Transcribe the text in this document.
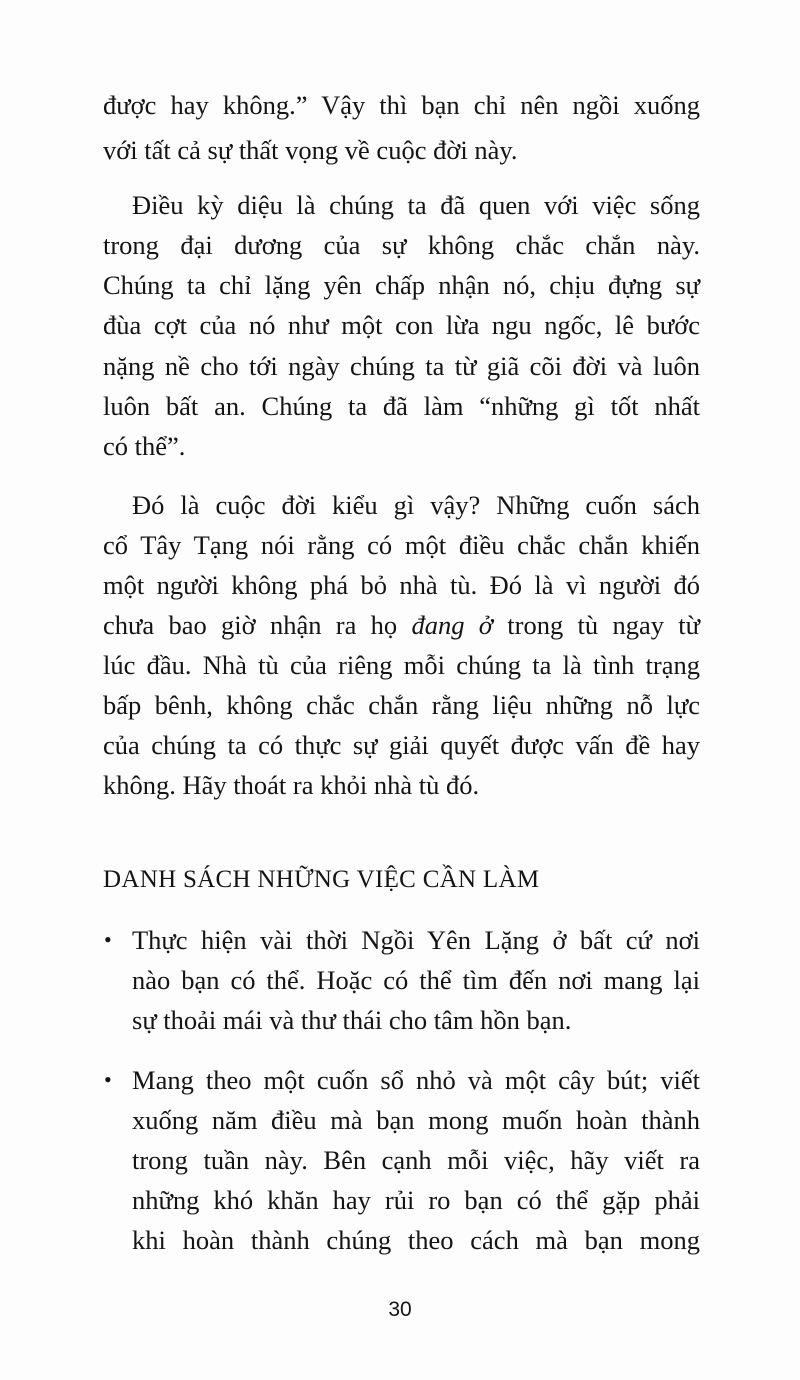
được hay không.” Vậy thì bạn chỉ nên ngồi xuống
với tất cả sự thất vọng về cuộc đời này.
Điều kỳ diệu là chúng ta đã quen với việc sống
trong đại dương của sự không chắc chắn này.
Chúng ta chỉ lặng yên chấp nhận nó, chịu đựng sự
đùa cợt của nó như một con lừa ngu ngốc, lê bước
nặng nề cho tới ngày chúng ta từ giã cõi đời và luôn
luôn bất an. Chúng ta đã làm “những gì tốt nhất
có thể”.
Đó là cuộc đời kiểu gì vậy? Những cuốn sách
cổ Tây Tạng nói rằng có một điều chắc chắn khiến
một người không phá bỏ nhà tù. Đó là vì người đó
chưa bao giờ nhận ra họ đang ở trong tù ngay từ
lúc đầu. Nhà tù của riêng mỗi chúng ta là tình trạng
bấp bênh, không chắc chắn rằng liệu những nỗ lực
của chúng ta có thực sự giải quyết được vấn đề hay
không. Hãy thoát ra khỏi nhà tù đó.
DANH SÁCH NHỮNG VIỆC CẦN LÀM
• Thực hiện vài thời Ngồi Yên Lặng ở bất cứ nơi
nào bạn có thể. Hoặc có thể tìm đến nơi mang lại
sự thoải mái và thư thái cho tâm hồn bạn.
• Mang theo một cuốn sổ nhỏ và một cây bút; viết
xuống năm điều mà bạn mong muốn hoàn thành
trong tuần này. Bên cạnh mỗi việc, hãy viết ra
những khó khăn hay rủi ro bạn có thể gặp phải
khi hoàn thành chúng theo cách mà bạn mong
30
